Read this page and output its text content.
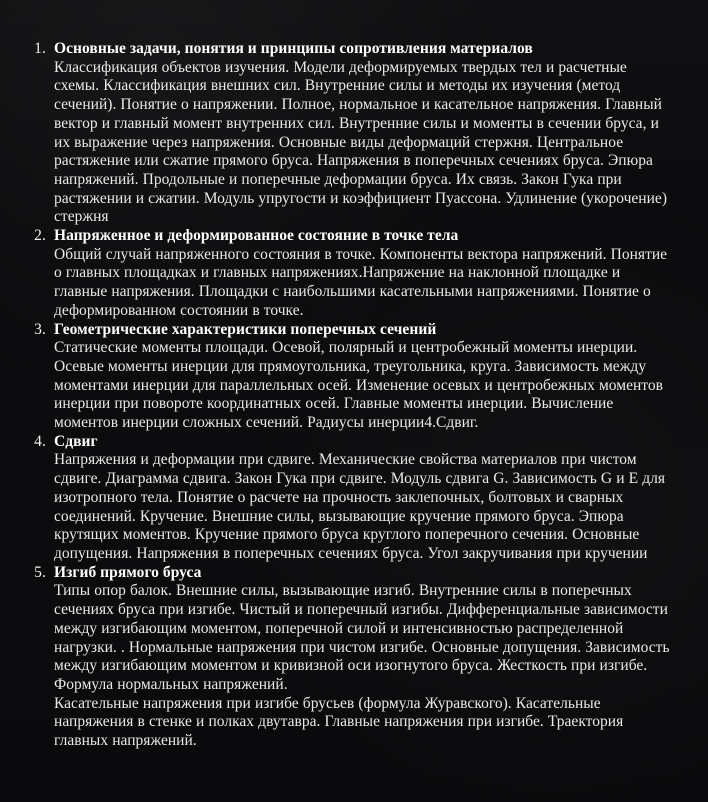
1. Основные задачи, понятия и принципы сопротивления материалов
Классификация объектов изучения. Модели деформируемых твердых тел и расчетные схемы. Классификация внешних сил. Внутренние силы и методы их изучения (метод сечений). Понятие о напряжении. Полное, нормальное и касательное напряжения. Главный вектор и главный момент внутренних сил. Внутренние силы и моменты в сечении бруса, и их выражение через напряжения. Основные виды деформаций стержня. Центральное растяжение или сжатие прямого бруса. Напряжения в поперечных сечениях бруса. Эпюра напряжений. Продольные и поперечные деформации бруса. Их связь. Закон Гука при растяжении и сжатии. Модуль упругости и коэффициент Пуассона. Удлинение (укорочение) стержня
2. Напряженное и деформированное состояние в точке тела
Общий случай напряженного состояния в точке. Компоненты вектора напряжений. Понятие о главных площадках и главных напряжениях.Напряжение на наклонной площадке и главные напряжения. Площадки с наибольшими касательными напряжениями. Понятие о деформированном состоянии в точке.
3. Геометрические характеристики поперечных сечений
Статические моменты площади. Осевой, полярный и центробежный моменты инерции. Осевые моменты инерции для прямоугольника, треугольника, круга. Зависимость между моментами инерции для параллельных осей. Изменение осевых и центробежных моментов инерции при повороте координатных осей. Главные моменты инерции. Вычисление моментов инерции сложных сечений. Радиусы инерции4.Сдвиг.
4. Сдвиг
Напряжения и деформации при сдвиге. Механические свойства материалов при чистом сдвиге. Диаграмма сдвига. Закон Гука при сдвиге. Модуль сдвига G. Зависимость G и E для изотропного тела. Понятие о расчете на прочность заклепочных, болтовых и сварных соединений. Кручение. Внешние силы, вызывающие кручение прямого бруса. Эпюра крутящих моментов. Кручение прямого бруса круглого поперечного сечения. Основные допущения. Напряжения в поперечных сечениях бруса. Угол закручивания при кручении
5. Изгиб прямого бруса
Типы опор балок. Внешние силы, вызывающие изгиб. Внутренние силы в поперечных сечениях бруса при изгибе. Чистый и поперечный изгибы. Дифференциальные зависимости между изгибающим моментом, поперечной силой и интенсивностью распределенной нагрузки. . Нормальные напряжения при чистом изгибе. Основные допущения. Зависимость между изгибающим моментом и кривизной оси изогнутого бруса. Жесткость при изгибе. Формула нормальных напряжений.
Касательные напряжения при изгибе брусьев (формула Журавского). Касательные напряжения в стенке и полках двутавра. Главные напряжения при изгибе. Траектория главных напряжений.
